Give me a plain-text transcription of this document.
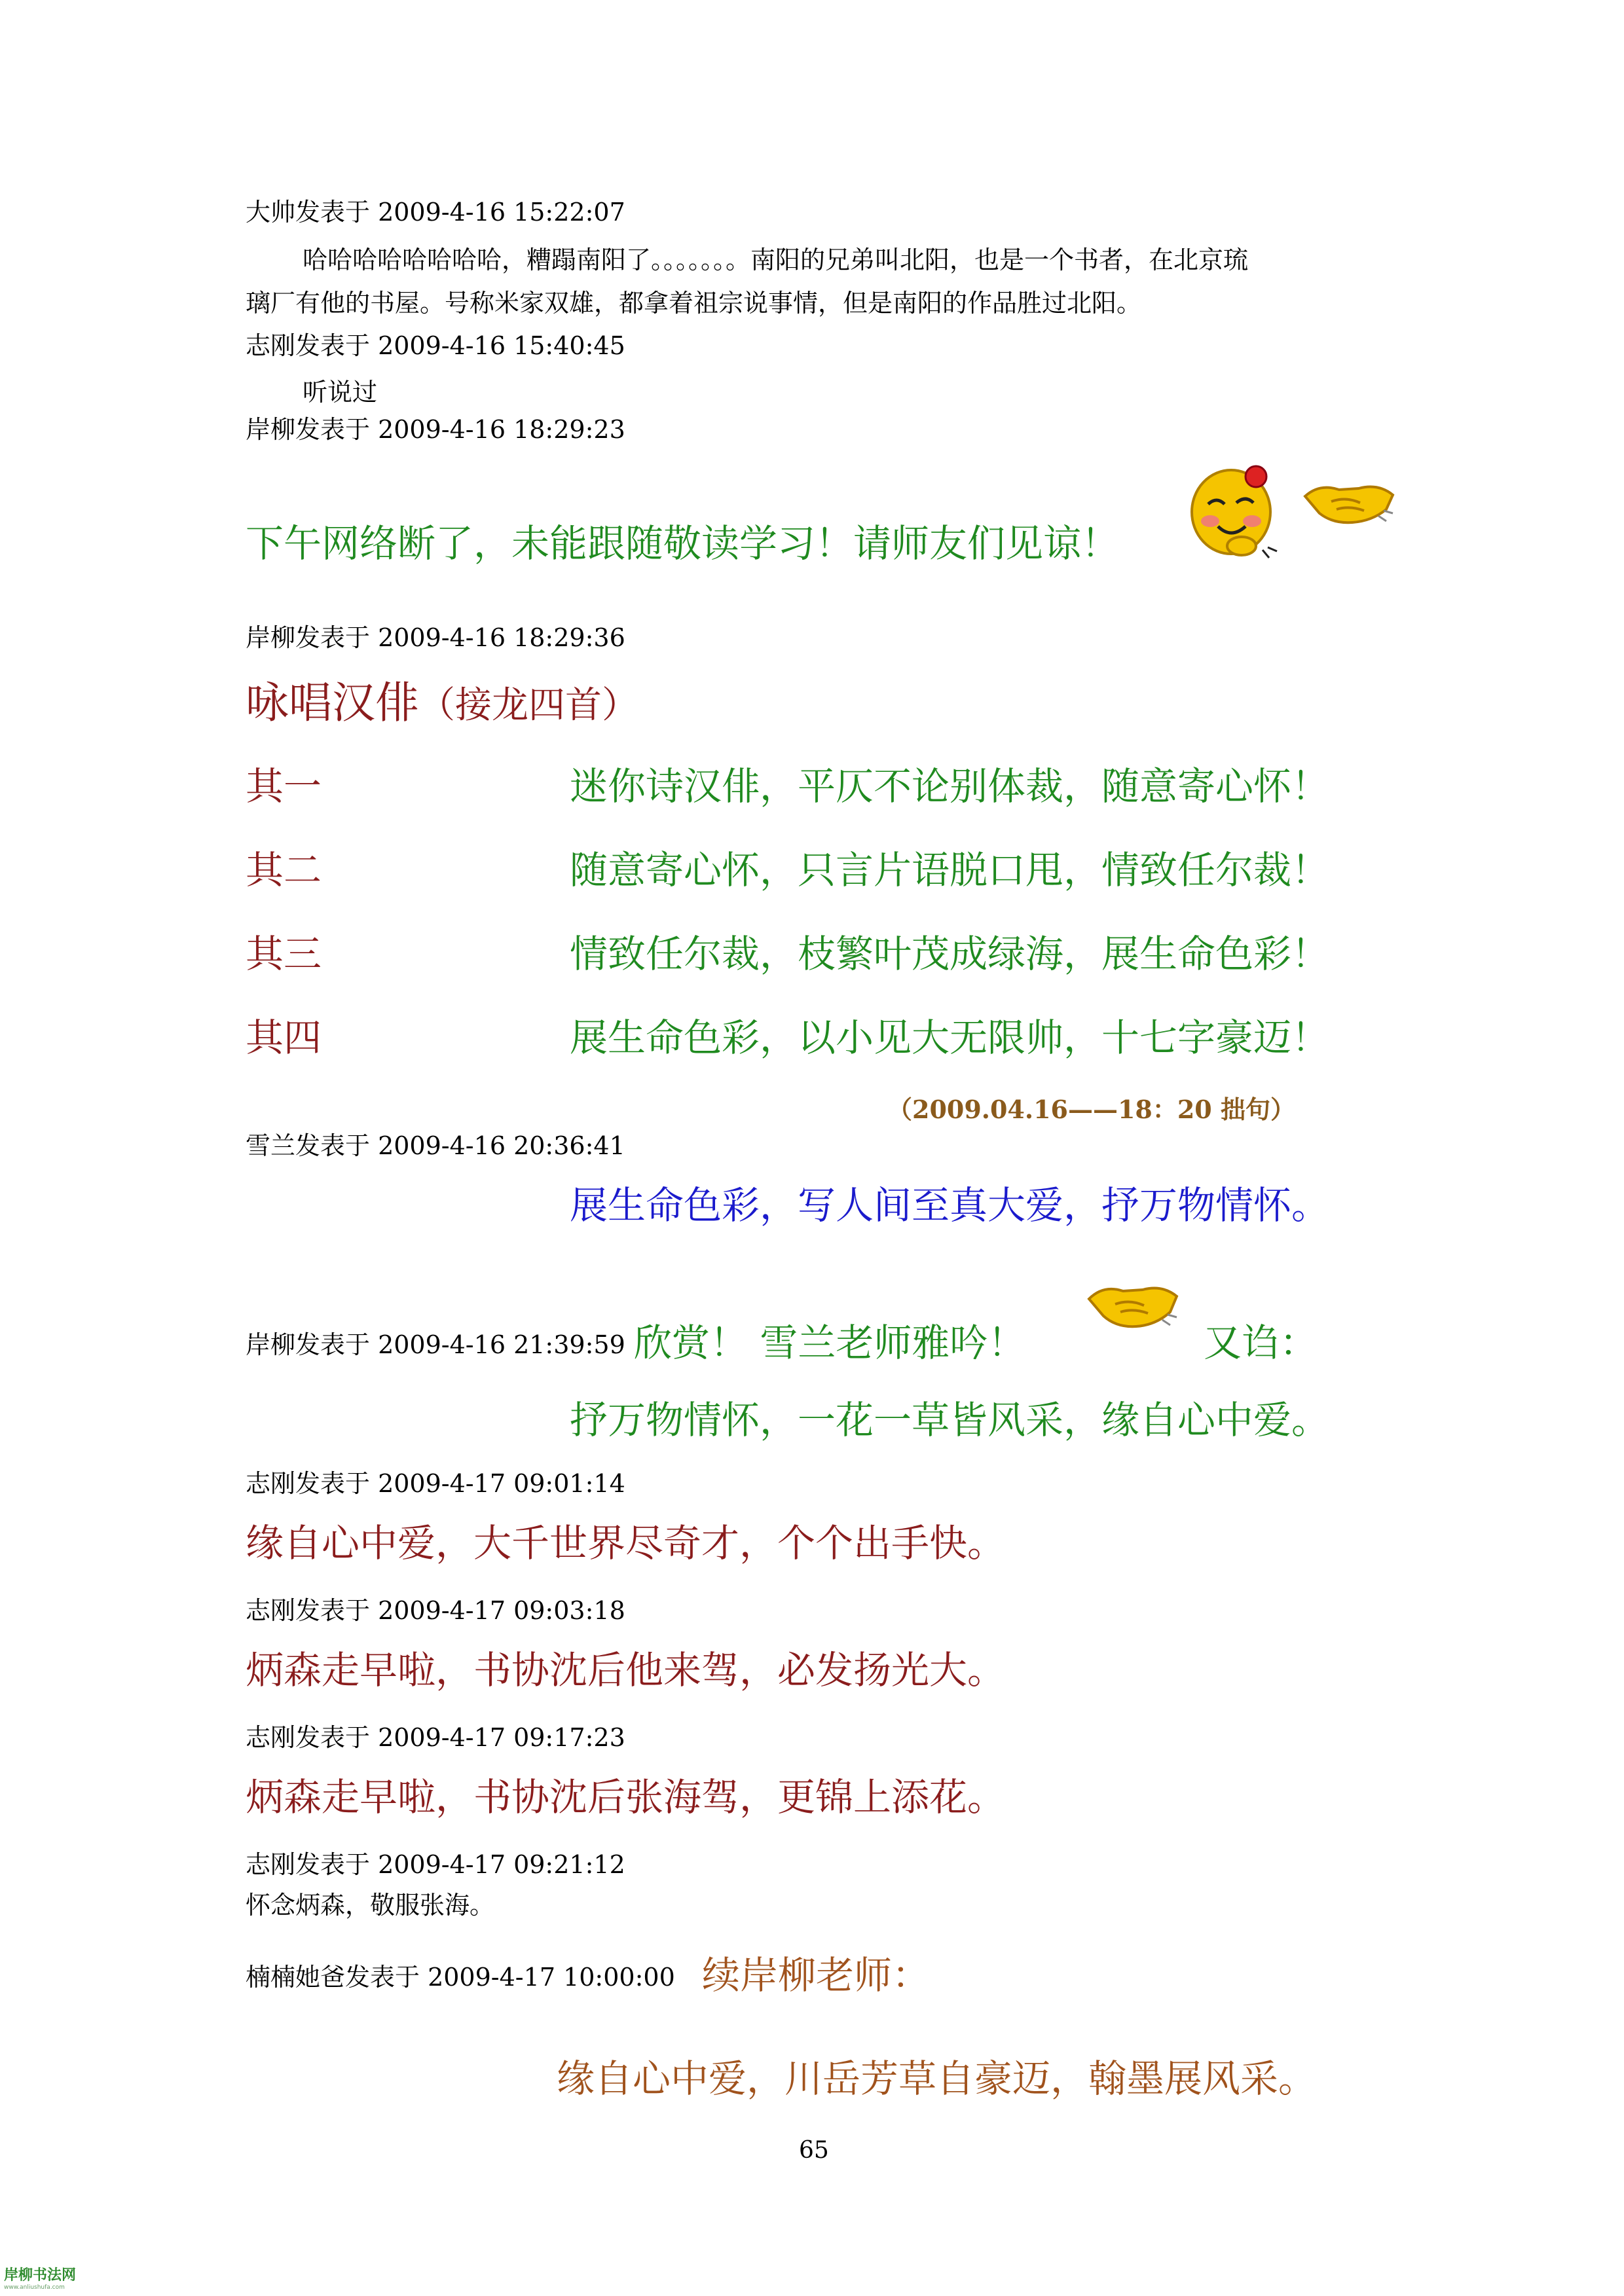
大帅发表于 2009-4-16 15:22:07
哈哈哈哈哈哈哈哈，糟蹋南阳了。。。。。。。南阳的兄弟叫北阳，也是一个书者，在北京琉
璃厂有他的书屋。号称米家双雄，都拿着祖宗说事情，但是南阳的作品胜过北阳。
志刚发表于 2009-4-16 15:40:45
听说过
岸柳发表于 2009-4-16 18:29:23
下午网络断了，未能跟随敬读学习！请师友们见谅！
岸柳发表于 2009-4-16 18:29:36
咏唱汉俳（接龙四首）
其一	迷你诗汉俳，平仄不论别体裁，随意寄心怀！
其二	随意寄心怀，只言片语脱口甩，情致任尔裁！
其三	情致任尔裁，枝繁叶茂成绿海，展生命色彩！
其四	展生命色彩，以小见大无限帅，十七字豪迈！
（2009.04.16——18：20 拙句）
雪兰发表于 2009-4-16 20:36:41
展生命色彩，写人间至真大爱，抒万物情怀。
岸柳发表于 2009-4-16 21:39:59 欣赏！ 雪兰老师雅吟！	又诌：
抒万物情怀，一花一草皆风采，缘自心中爱。
志刚发表于 2009-4-17 09:01:14
缘自心中爱，大千世界尽奇才，个个出手快。
志刚发表于 2009-4-17 09:03:18
炳森走早啦，书协沈后他来驾，必发扬光大。
志刚发表于 2009-4-17 09:17:23
炳森走早啦，书协沈后张海驾，更锦上添花。
志刚发表于 2009-4-17 09:21:12
怀念炳森，敬服张海。
楠楠她爸发表于 2009-4-17 10:00:00 续岸柳老师：
缘自心中爱，川岳芳草自豪迈，翰墨展风采。
65
岸柳书法网
www.anliushufa.com
